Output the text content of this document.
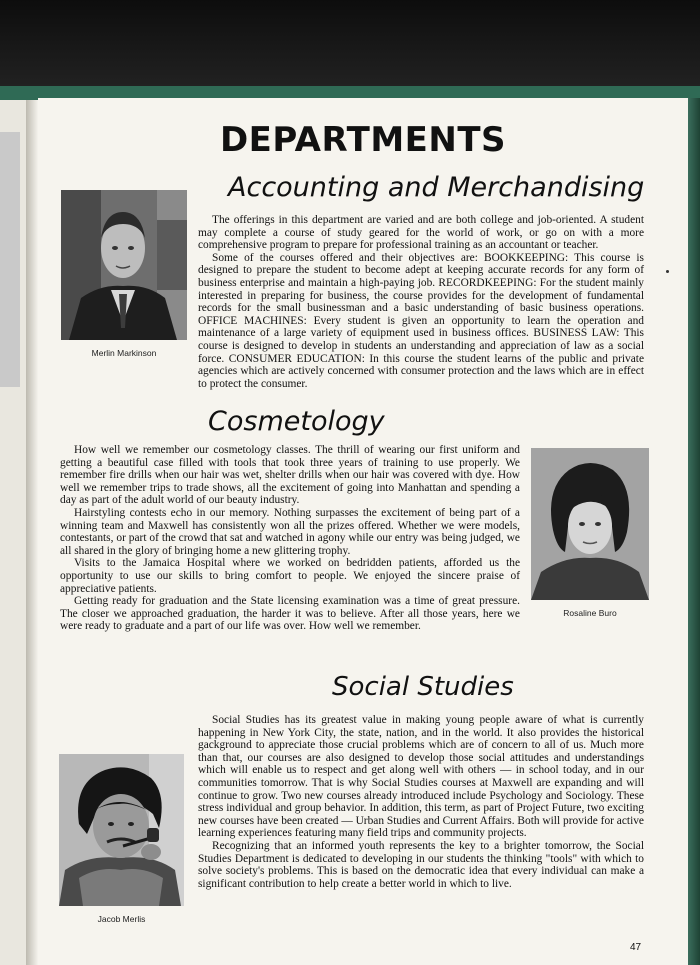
DEPARTMENTS
Accounting and Merchandising
Merlin Markinson

The offerings in this department are varied and are both college and job-oriented. A student may complete a course of study geared for the world of work, or go on with a more comprehensive program to prepare for professional training as an accountant or teacher.

Some of the courses offered and their objectives are: BOOKKEEPING: This course is designed to prepare the student to become adept at keeping accurate records for any form of business enterprise and maintain a high-paying job. RECORDKEEPING: For the student mainly interested in preparing for business, the course provides for the development of fundamental records for the small businessman and a basic understanding of basic business operations. OFFICE MACHINES: Every student is given an opportunity to learn the operation and maintenance of a large variety of equipment used in business offices. BUSINESS LAW: This course is designed to develop in students an understanding and appreciation of law as a social force. CONSUMER EDUCATION: In this course the student learns of the public and private agencies which are actively concerned with consumer protection and the laws which are in effect to protect the consumer.

Cosmetology

How well we remember our cosmetology classes. The thrill of wearing our first uniform and getting a beautiful case filled with tools that took three years of training to use properly. We remember fire drills when our hair was wet, shelter drills when our hair was covered with dye. How well we remember trips to trade shows, all the excitement of going into Manhattan and spending a day as part of the adult world of our beauty industry.

Hairstyling contests echo in our memory. Nothing surpasses the excitement of being part of a winning team and Maxwell has consistently won all the prizes offered. Whether we were models, contestants, or part of the crowd that sat and watched in agony while our entry was being judged, we all shared in the glory of bringing home a new glittering trophy.

Visits to the Jamaica Hospital where we worked on bedridden patients, afforded us the opportunity to use our skills to bring comfort to people. We enjoyed the sincere praise of appreciative patients.

Getting ready for graduation and the State licensing examination was a time of great pressure. The closer we approached graduation, the harder it was to believe. After all those years, here we were ready to graduate and a part of our life was over. How well we remember.

Rosaline Buro
Social Studies

Social Studies has its greatest value in making young people aware of what is currently happening in New York City, the state, nation, and in the world. It also provides the historical gackground to appreciate those crucial problems which are of concern to all of us. Much more than that, our courses are also designed to develop those social attitudes and understandings which will enable us to respect and get along well with others — in school today, and in our communities tomorrow. That is why Social Studies courses at Maxwell are expanding and will continue to grow. Two new courses already introduced include Psychology and Sociology. These stress individual and group behavior. In addition, this term, as part of Project Future, two exciting new courses have been created — Urban Studies and Current Affairs. Both will provide for active learning experiences featuring many field trips and community projects.

Recognizing that an informed youth represents the key to a brighter tomorrow, the Social Studies Department is dedicated to developing in our students the thinking "tools" with which to solve society's problems. This is based on the democratic idea that every individual can make a significant contribution to help create a better world in which to live.

Jacob Merlis
47
